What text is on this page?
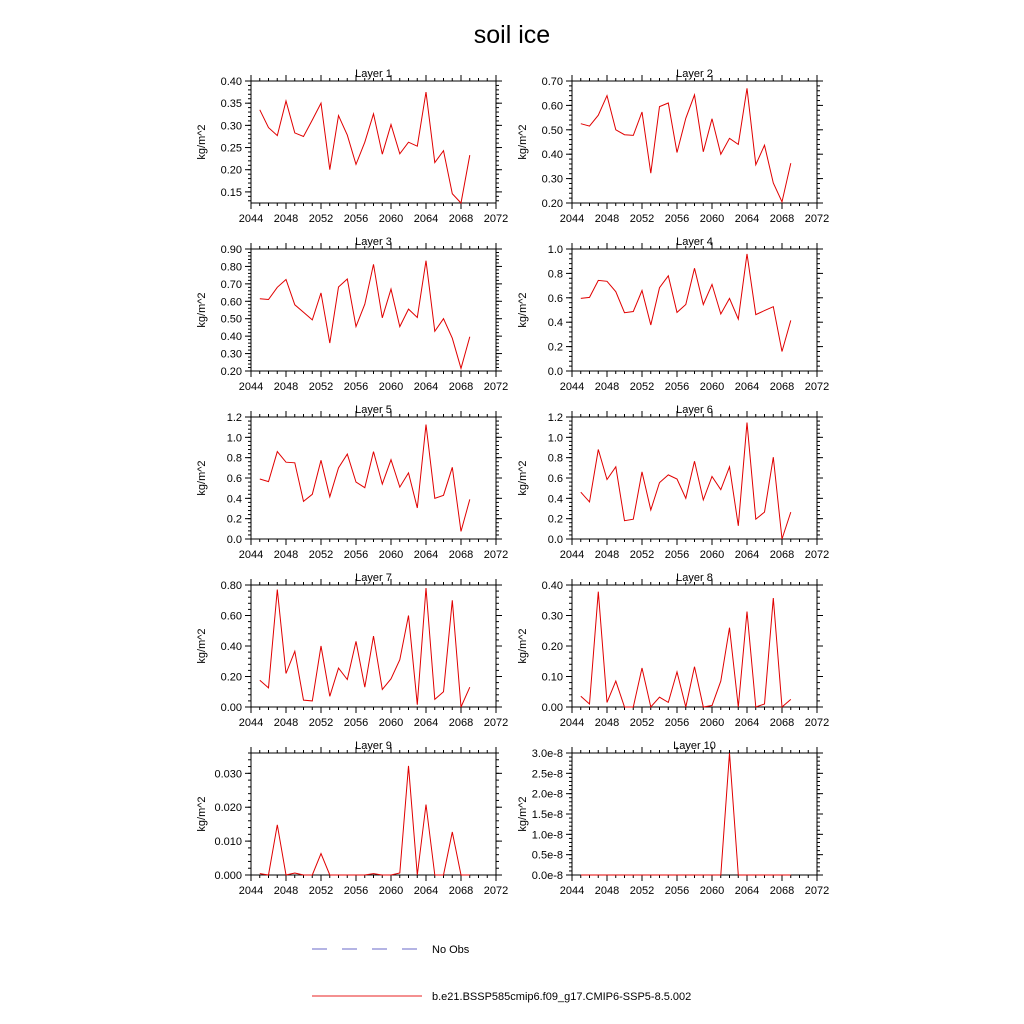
soil ice
Layer 1
kg/m^2
2044 2048 2052 2056 2060 2064 2068 2072
0.15
0.20
0.25
0.30
0.35
0.40
Layer 2
kg/m^2
2044 2048 2052 2056 2060 2064 2068 2072
0.20
0.30
0.40
0.50
0.60
0.70
Layer 3
kg/m^2
2044 2048 2052 2056 2060 2064 2068 2072
0.20
0.30
0.40
0.50
0.60
0.70
0.80
0.90
Layer 4
kg/m^2
2044 2048 2052 2056 2060 2064 2068 2072
0.0
0.2
0.4
0.6
0.8
1.0
Layer 5
kg/m^2
2044 2048 2052 2056 2060 2064 2068 2072
0.0
0.2
0.4
0.6
0.8
1.0
1.2
Layer 6
kg/m^2
2044 2048 2052 2056 2060 2064 2068 2072
0.0
0.2
0.4
0.6
0.8
1.0
1.2
Layer 7
kg/m^2
2044 2048 2052 2056 2060 2064 2068 2072
0.00
0.20
0.40
0.60
0.80
Layer 8
kg/m^2
2044 2048 2052 2056 2060 2064 2068 2072
0.00
0.10
0.20
0.30
0.40
Layer 9
kg/m^2
2044 2048 2052 2056 2060 2064 2068 2072
0.000
0.010
0.020
0.030
Layer 10
kg/m^2
2044 2048 2052 2056 2060 2064 2068 2072
0.0e-8
0.5e-8
1.0e-8
1.5e-8
2.0e-8
2.5e-8
3.0e-8
No Obs
b.e21.BSSP585cmip6.f09_g17.CMIP6-SSP5-8.5.002
